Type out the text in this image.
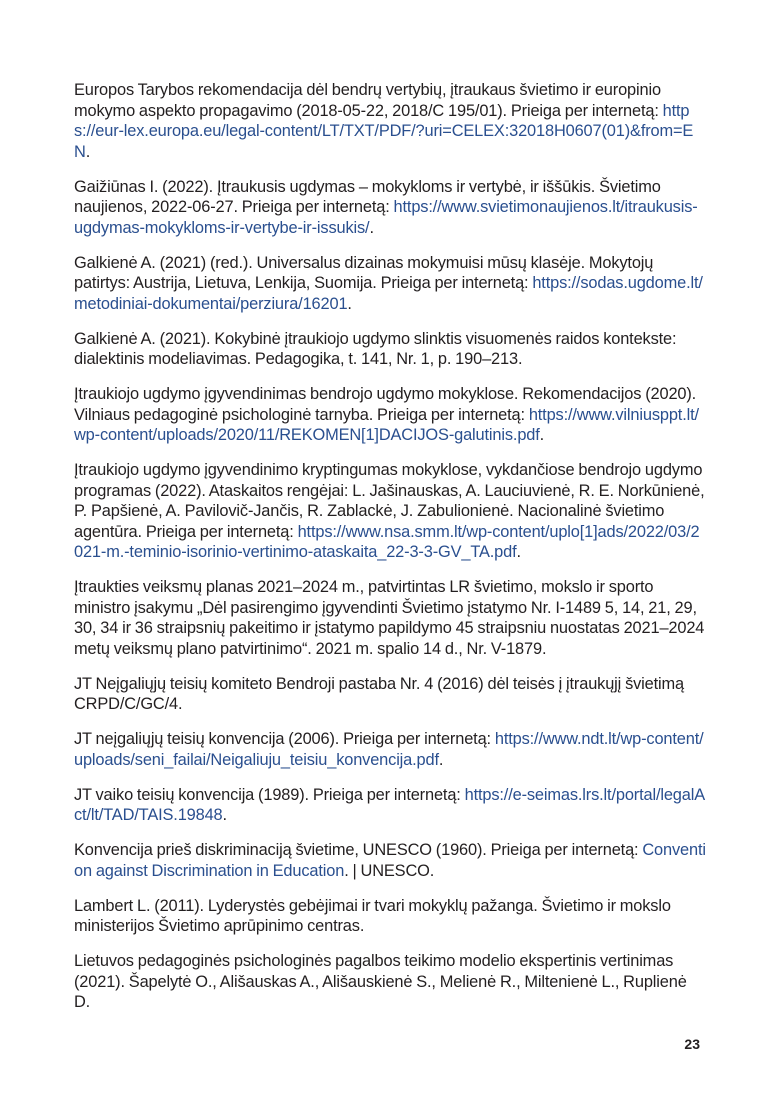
Europos Tarybos rekomendacija dėl bendrų vertybių, įtraukaus švietimo ir europinio mokymo aspekto propagavimo (2018-05-22, 2018/C 195/01). Prieiga per internetą: https://eur-lex.europa.eu/legal-content/LT/TXT/PDF/?uri=CELEX:32018H0607(01)&from=EN.

Gaižiūnas I. (2022). Įtraukusis ugdymas – mokykloms ir vertybė, ir iššūkis. Švietimo naujienos, 2022-06-27. Prieiga per internetą: https://www.svietimonaujienos.lt/itraukusis-ugdymas-mokykloms-ir-vertybe-ir-issukis/.

Galkienė A. (2021) (red.). Universalus dizainas mokymuisi mūsų klasėje. Mokytojų patirtys: Austrija, Lietuva, Lenkija, Suomija. Prieiga per internetą: https://sodas.ugdome.lt/metodiniai-dokumentai/perziura/16201.

Galkienė A. (2021). Kokybinė įtraukiojo ugdymo slinktis visuomenės raidos kontekste: dialektinis modeliavimas. Pedagogika, t. 141, Nr. 1, p. 190–213.

Įtraukiojo ugdymo įgyvendinimas bendrojo ugdymo mokyklose. Rekomendacijos (2020). Vilniaus pedagoginė psichologinė tarnyba. Prieiga per internetą: https://www.vilniusppt.lt/wp-content/uploads/2020/11/REKOMEN[1]DACIJOS-galutinis.pdf.

Įtraukiojo ugdymo įgyvendinimo kryptingumas mokyklose, vykdančiose bendrojo ugdymo programas (2022). Ataskaitos rengėjai: L. Jašinauskas, A. Lauciuvienė, R. E. Norkūnienė, P. Papšienė, A. Pavilovič-Jančis, R. Zablackė, J. Zabulionienė. Nacionalinė švietimo agentūra. Prieiga per internetą: https://www.nsa.smm.lt/wp-content/uplo[1]ads/2022/03/2021-m.-teminio-isorinio-vertinimo-ataskaita_22-3-3-GV_TA.pdf.

Įtraukties veiksmų planas 2021–2024 m., patvirtintas LR švietimo, mokslo ir sporto ministro įsakymu „Dėl pasirengimo įgyvendinti Švietimo įstatymo Nr. I-1489 5, 14, 21, 29, 30, 34 ir 36 straipsnių pakeitimo ir įstatymo papildymo 45 straipsniu nuostatas 2021–2024 metų veiksmų plano patvirtinimo“. 2021 m. spalio 14 d., Nr. V-1879.

JT Neįgaliųjų teisių komiteto Bendroji pastaba Nr. 4 (2016) dėl teisės į įtraukųjį švietimą CRPD/C/GC/4.

JT neįgaliųjų teisių konvencija (2006). Prieiga per internetą: https://www.ndt.lt/wp-content/uploads/seni_failai/Neigaliuju_teisiu_konvencija.pdf.

JT vaiko teisių konvencija (1989). Prieiga per internetą: https://e-seimas.lrs.lt/portal/legalAct/lt/TAD/TAIS.19848.

Konvencija prieš diskriminaciją švietime, UNESCO (1960). Prieiga per internetą: Convention against Discrimination in Education. | UNESCO.

Lambert L. (2011). Lyderystės gebėjimai ir tvari mokyklų pažanga. Švietimo ir mokslo ministerijos Švietimo aprūpinimo centras.

Lietuvos pedagoginės psichologinės pagalbos teikimo modelio ekspertinis vertinimas (2021). Šapelytė O., Ališauskas A., Ališauskienė S., Melienė R., Miltenienė L., Ruplienė D.

23
